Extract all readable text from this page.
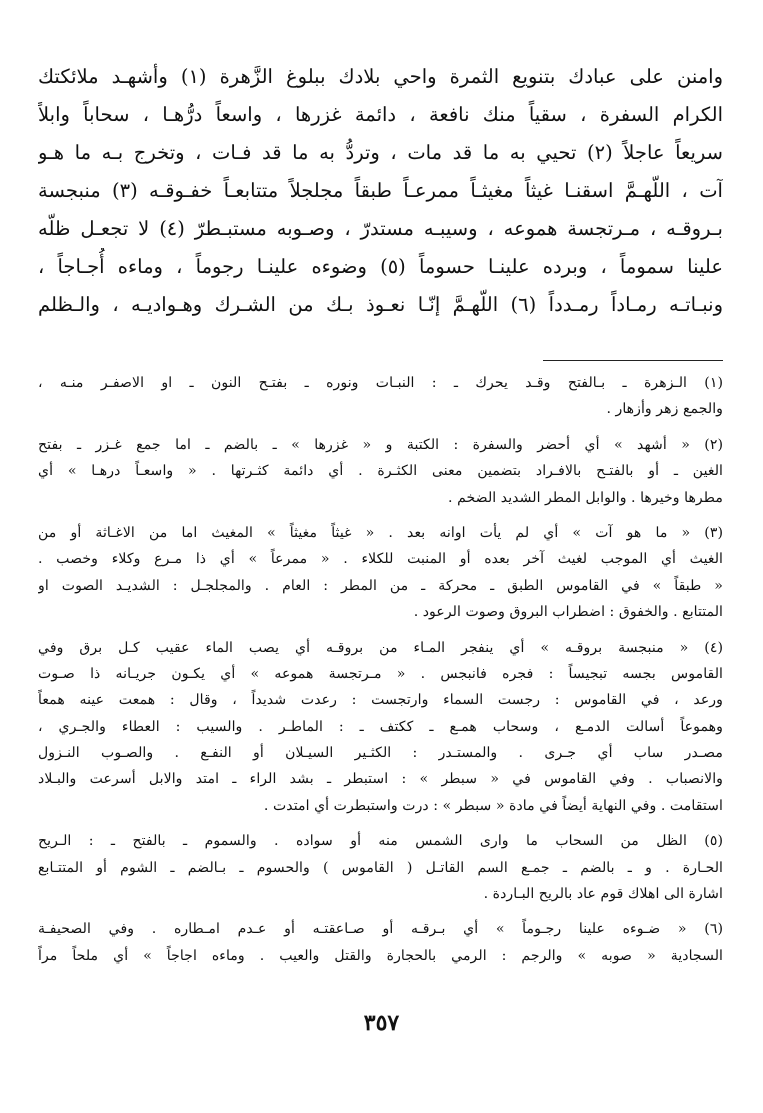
وامنن على عبادك بتنويع الثمرة واحي بلادك ببلوغ الزَّهرة (١) وأشهـد ملائكتك
الكرام السفرة ، سقياً منك نافعة ، دائمة غزرها ، واسعاً درُّهـا ، سحاباً وابلاً
سريعاً عاجلاً (٢) تحيي به ما قد مات ، وتردُّ به ما قد فـات ، وتخرج بـه ما هـو
آت ، اللّهـمَّ اسقنـا غيثاً مغيثـاً ممرعـاً طبقاً مجلجلاً متتابعـاً خفـوقـه (٣) منبجسة
بـروقـه ، مـرتجسة هموعه ، وسيبـه مستدرّ ، وصـوبه مستبـطرّ (٤) لا تجعـل ظلّه
علينا سموماً ، وبرده علينـا حسوماً (٥) وضوءه علينـا رجوماً ، وماءه أُجـاجاً ،
ونبـاتـه رمـاداً رمـدداً (٦) اللّهـمَّ إنّـا نعـوذ بـك من الشـرك وهـواديـه ، والـظلم
(١) الـزهرة ـ بـالفتح وقـد يحرك ـ : النبـات ونوره ـ بفتـح النون ـ او الاصفـر منـه ،
والجمع زهر وأزهار .
(٢) « أشهد » أي أحضر والسفرة : الكتبة و « غزرها » ـ بالضم ـ اما جمع غـزر ـ بفتح
الغين ـ أو بالفتـح بالافـراد بتضمين معنى الكثـرة . أي دائمة كثـرتها . « واسعـاً درهـا » أي
مطرها وخيرها . والوابل المطر الشديد الضخم .
(٣) « ما هو آت » أي لم يأت اوانه بعد . « غيثاً مغيثاً » المغيث اما من الاغـاثة أو من
الغيث أي الموجب لغيث آخر بعده أو المنبت للكلاء . « ممرعاً » أي ذا مـرع وكلاء وخصب .
« طبقاً » في القاموس الطبق ـ محركة ـ من المطر : العام . والمجلجـل : الشديـد الصوت او
المتتابع . والخفوق : اضطراب البروق وصوت الرعود .
(٤) « منبجسة بروقـه » أي ينفجر المـاء من بروقـه أي يصب الماء عقيب كـل برق وفي
القاموس بجسه تبجيساً : فجره فانبجس . « مـرتجسة هموعه » أي يكـون جريـانه ذا صـوت
ورعد ، في القاموس : رجست السماء وارتجست : رعدت شديداً ، وقال : همعت عينه همعاً
وهموعاً أسالت الدمـع ، وسحاب همـع ـ ككتف ـ : الماطـر . والسيب : العطاء والجـري ،
مصـدر ساب أي جـرى . والمستـدر : الكثـير السيـلان أو النفـع . والصـوب النـزول
والانصباب . وفي القاموس في « سبطر » : استبطر ـ بشد الراء ـ امتد والابل أسرعت والبـلاد
استقامت . وفي النهاية أيضاً في مادة « سبطر » : درت واستبطرت أي امتدت .
(٥) الظل من السحاب ما وارى الشمس منه أو سواده . والسموم ـ بالفتح ـ : الـريح
الحـارة . و ـ بالضم ـ جمـع السم القاتـل ( القاموس ) والحسوم ـ بـالضم ـ الشوم أو المتتـابع
اشارة الى اهلاك قوم عاد بالريح البـاردة .
(٦) « ضـوءه علينا رجـوماً » أي بـرقـه أو صـاعقتـه أو عـدم امـطاره . وفي الصحيفـة
السجادية « صوبه » والرجم : الرمي بالحجارة والقتل والعيب . وماءه اجاجاً » أي ملحاً مراً
٣٥٧
